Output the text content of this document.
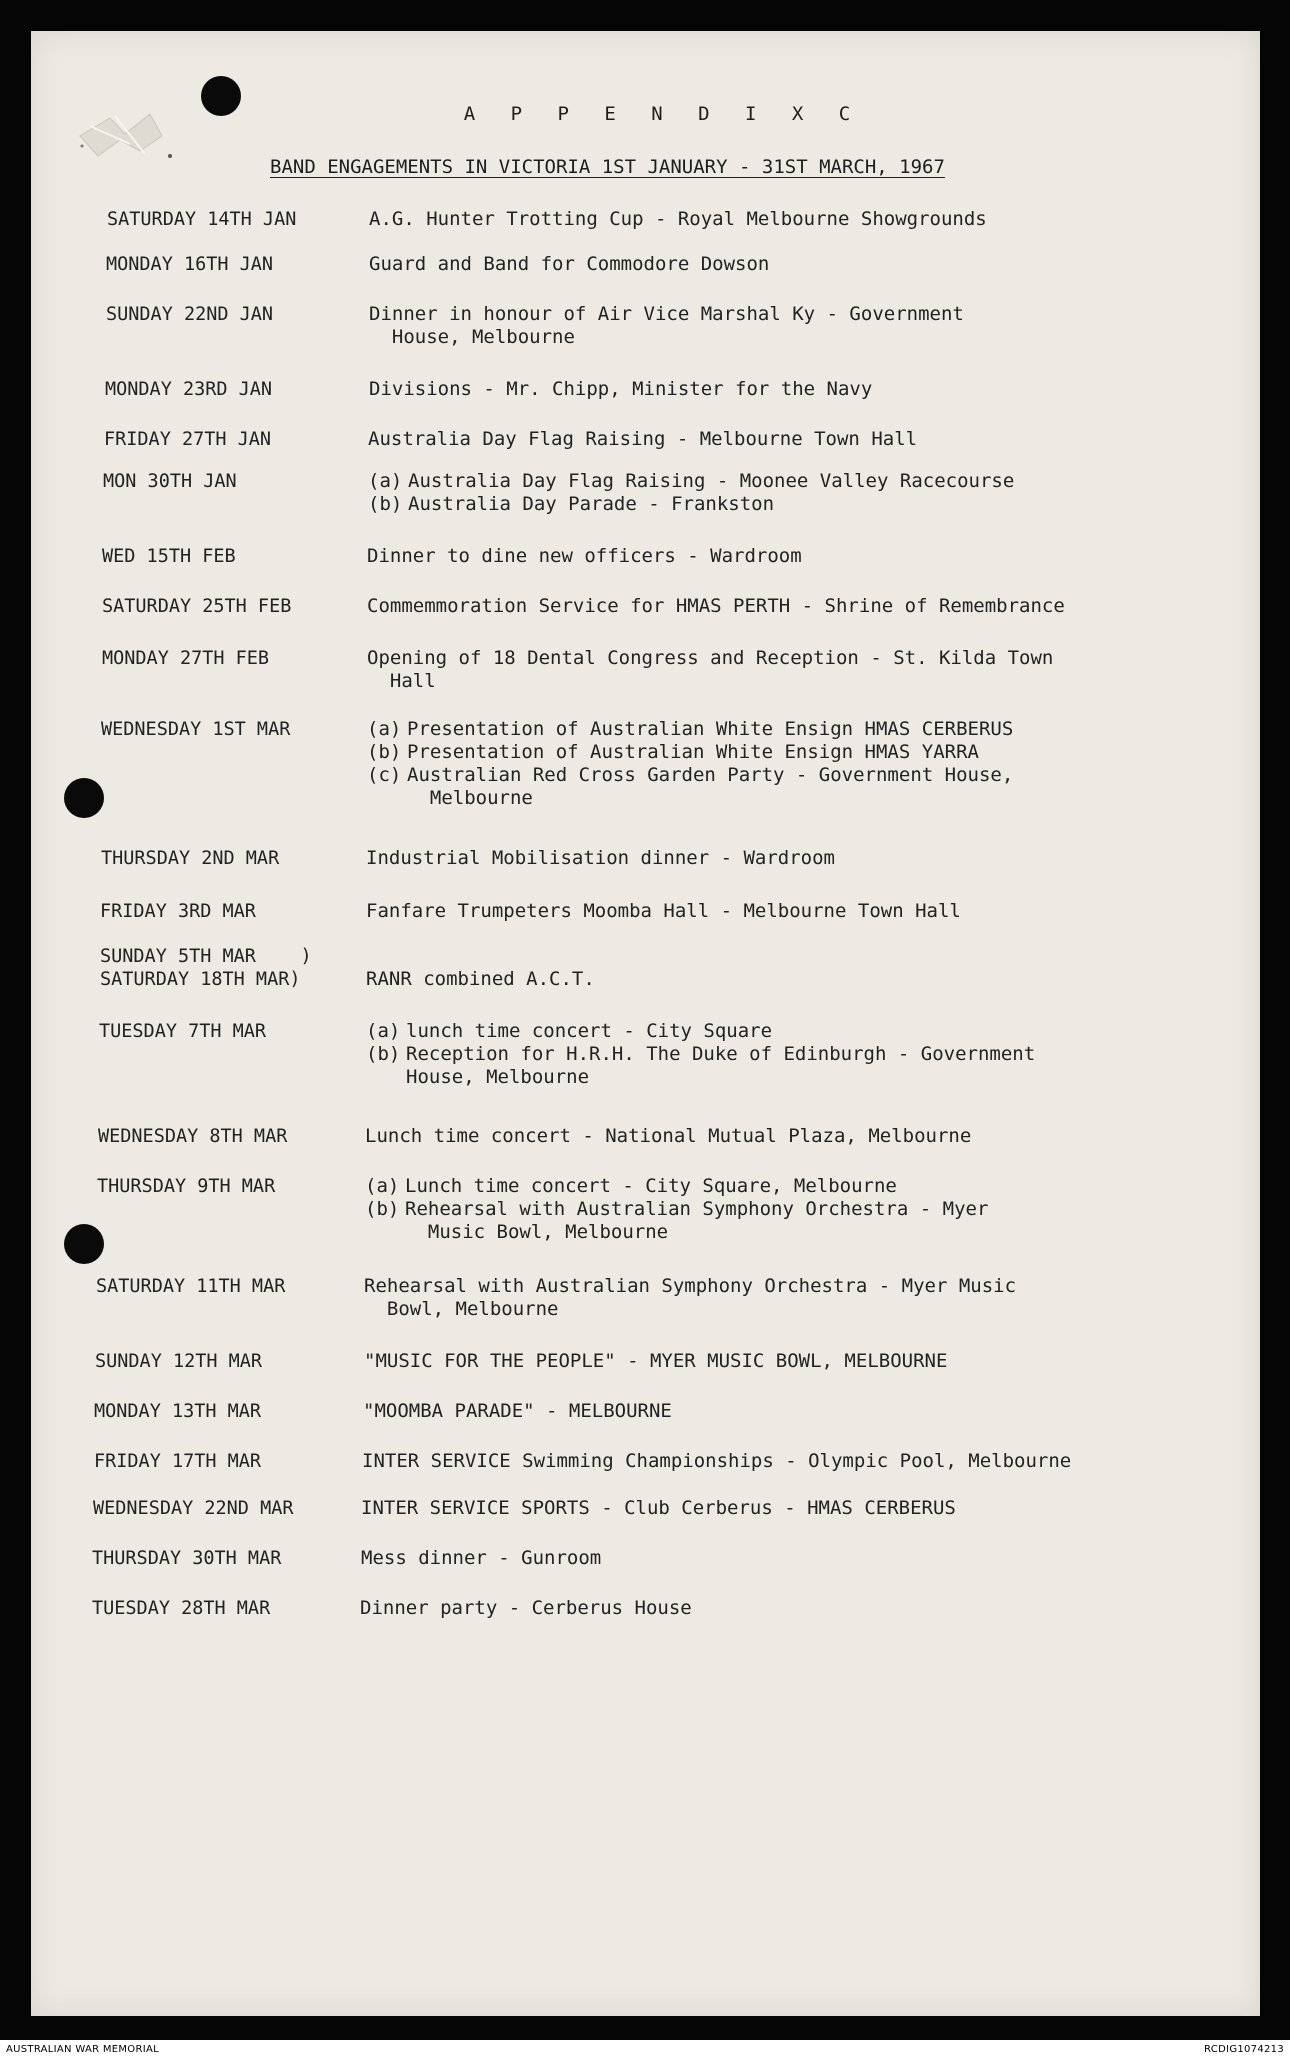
A P P E N D I X C
BAND ENGAGEMENTS IN VICTORIA 1ST JANUARY - 31ST MARCH, 1967
SATURDAY 14TH JAN	A.G. Hunter Trotting Cup - Royal Melbourne Showgrounds
MONDAY 16TH JAN	Guard and Band for Commodore Dowson
SUNDAY 22ND JAN	Dinner in honour of Air Vice Marshal Ky - Government
House, Melbourne
MONDAY 23RD JAN	Divisions - Mr. Chipp, Minister for the Navy
FRIDAY 27TH JAN	Australia Day Flag Raising - Melbourne Town Hall
MON 30TH JAN	(a) Australia Day Flag Raising - Moonee Valley Racecourse
(b) Australia Day Parade - Frankston
WED 15TH FEB	Dinner to dine new officers - Wardroom
SATURDAY 25TH FEB	Commemmoration Service for HMAS PERTH - Shrine of Remembrance
MONDAY 27TH FEB	Opening of 18 Dental Congress and Reception - St. Kilda Town
Hall
WEDNESDAY 1ST MAR	(a) Presentation of Australian White Ensign HMAS CERBERUS
(b) Presentation of Australian White Ensign HMAS YARRA
(c) Australian Red Cross Garden Party - Government House,
Melbourne
THURSDAY 2ND MAR	Industrial Mobilisation dinner - Wardroom
FRIDAY 3RD MAR	Fanfare Trumpeters Moomba Hall - Melbourne Town Hall
SUNDAY 5TH MAR    )
SATURDAY 18TH MAR)
	RANR combined A.C.T.
TUESDAY 7TH MAR	(a) lunch time concert - City Square
(b) Reception for H.R.H. The Duke of Edinburgh - Government
House, Melbourne
WEDNESDAY 8TH MAR	Lunch time concert - National Mutual Plaza, Melbourne
THURSDAY 9TH MAR	(a) Lunch time concert - City Square, Melbourne
(b) Rehearsal with Australian Symphony Orchestra - Myer
Music Bowl, Melbourne
SATURDAY 11TH MAR	Rehearsal with Australian Symphony Orchestra - Myer Music
Bowl, Melbourne
SUNDAY 12TH MAR	"MUSIC FOR THE PEOPLE" - MYER MUSIC BOWL, MELBOURNE
MONDAY 13TH MAR	"MOOMBA PARADE" - MELBOURNE
FRIDAY 17TH MAR	INTER SERVICE Swimming Championships - Olympic Pool, Melbourne
WEDNESDAY 22ND MAR	INTER SERVICE SPORTS - Club Cerberus - HMAS CERBERUS
THURSDAY 30TH MAR	Mess dinner - Gunroom
TUESDAY 28TH MAR	Dinner party - Cerberus House
AUSTRALIAN WAR MEMORIAL	RCDIG1074213
